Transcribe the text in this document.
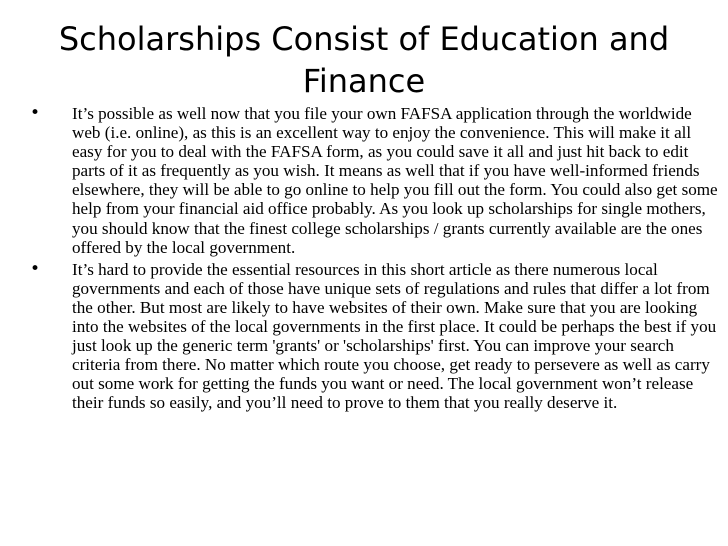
Scholarships Consist of Education and Finance
• It’s possible as well now that you file your own FAFSA application through the worldwide web (i.e. online), as this is an excellent way to enjoy the convenience. This will make it all easy for you to deal with the FAFSA form, as you could save it all and just hit back to edit parts of it as frequently as you wish. It means as well that if you have well-informed friends elsewhere, they will be able to go online to help you fill out the form. You could also get some help from your financial aid office probably. As you look up scholarships for single mothers, you should know that the finest college scholarships / grants currently available are the ones offered by the local government.
• It’s hard to provide the essential resources in this short article as there numerous local governments and each of those have unique sets of regulations and rules that differ a lot from the other. But most are likely to have websites of their own. Make sure that you are looking into the websites of the local governments in the first place. It could be perhaps the best if you just look up the generic term 'grants' or 'scholarships' first. You can improve your search criteria from there. No matter which route you choose, get ready to persevere as well as carry out some work for getting the funds you want or need. The local government won’t release their funds so easily, and you’ll need to prove to them that you really deserve it.
